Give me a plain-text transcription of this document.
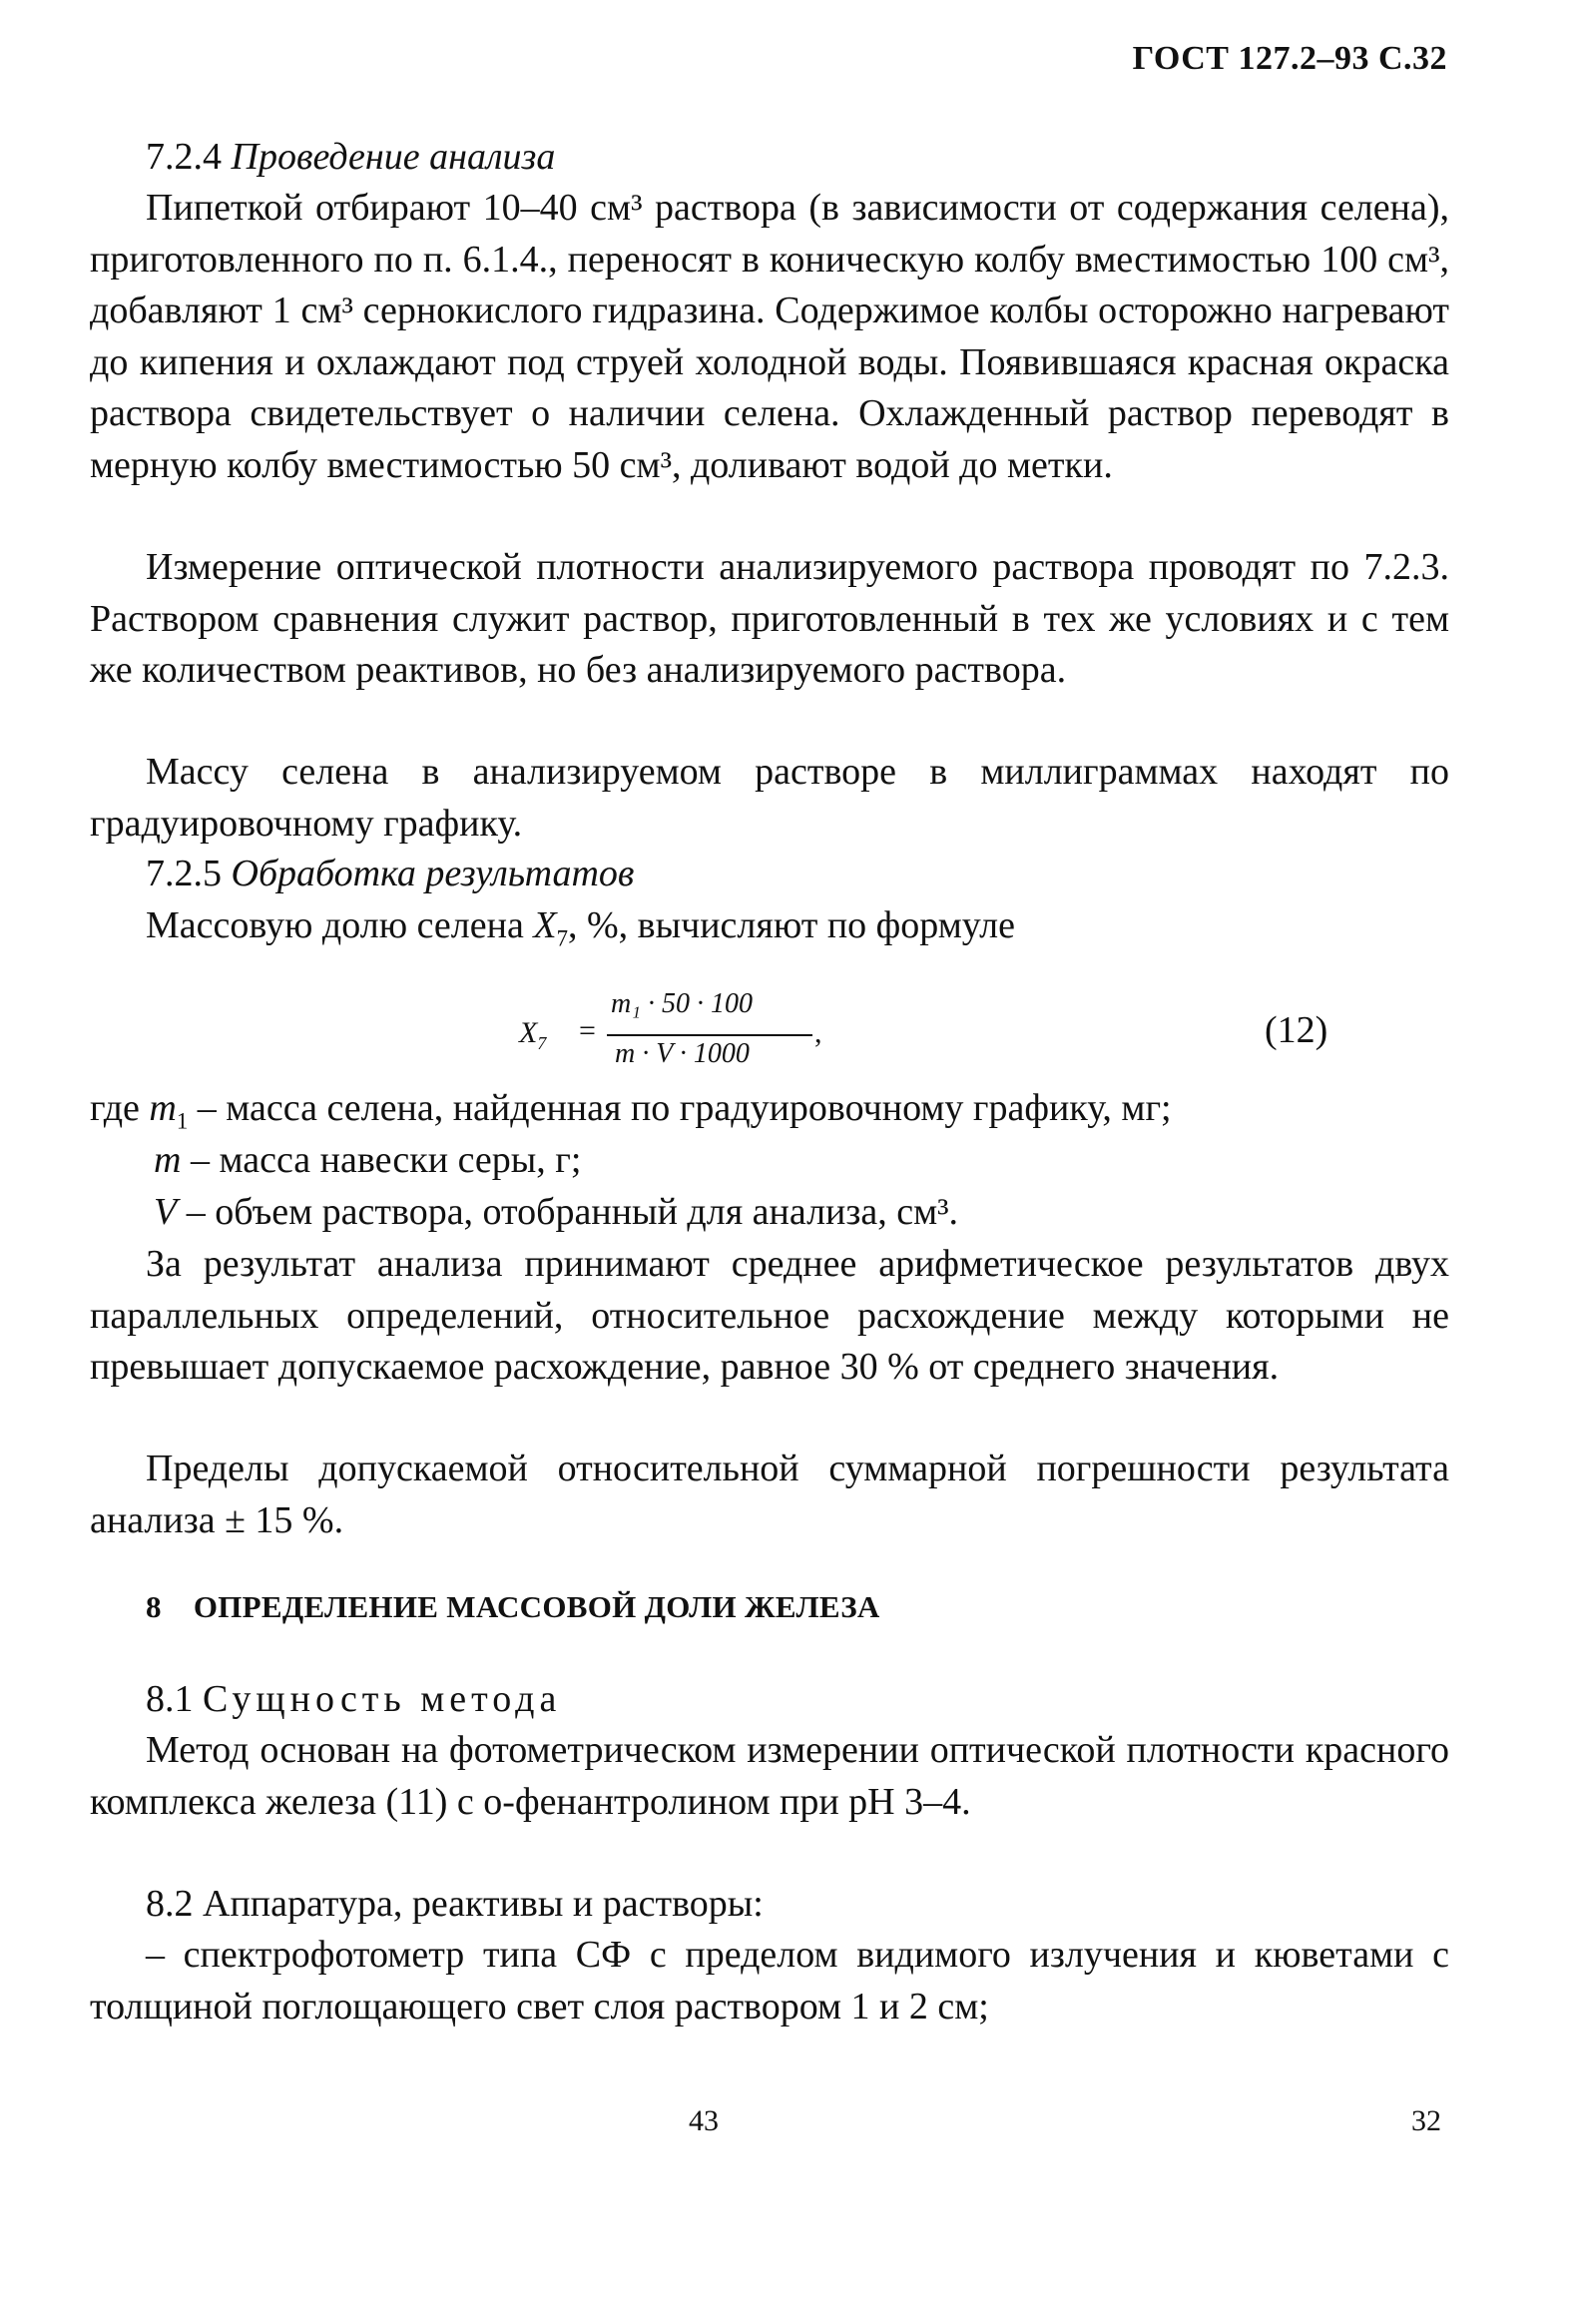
ГОСТ 127.2–93 С.32
7.2.4 Проведение анализа
Пипеткой отбирают 10–40 см³ раствора (в зависимости от содержания селена), приготовленного по п. 6.1.4., переносят в коническую колбу вместимостью 100 см³, добавляют 1 см³ сернокислого гидразина. Содержимое колбы осторожно нагревают до кипения и охлаждают под струей холодной воды. Появившаяся красная окраска раствора свидетельствует о наличии селена. Охлажденный раствор переводят в мерную колбу вместимостью 50 см³, доливают водой до метки.
Измерение оптической плотности анализируемого раствора проводят по 7.2.3. Раствором сравнения служит раствор, приготовленный в тех же условиях и с тем же количеством реактивов, но без анализируемого раствора.
Массу селена в анализируемом растворе в миллиграммах находят по градуировочному графику.
7.2.5 Обработка результатов
Массовую долю селена $X_7$, %, вычисляют по формуле
$X_7$ =
m₁ · 50 · 100
m · V · 1000
,	(12)
где $m_1$ – масса селена, найденная по градуировочному графику, мг;
m – масса навески серы, г;
V – объем раствора, отобранный для анализа, см³.
За результат анализа принимают среднее арифметическое результатов двух параллельных определений, относительное расхождение между которыми не превышает допускаемое расхождение, равное 30 % от среднего значения.
Пределы допускаемой относительной суммарной погрешности результата анализа ± 15 %.
8 ОПРЕДЕЛЕНИЕ МАССОВОЙ ДОЛИ ЖЕЛЕЗА
8.1 Сущность метода
Метод основан на фотометрическом измерении оптической плотности красного комплекса железа (11) с о-фенантролином при рН 3–4.
8.2 Аппаратура, реактивы и растворы:
– спектрофотометр типа СФ с пределом видимого излучения и кюветами с толщиной поглощающего свет слоя раствором 1 и 2 см;
43	32
